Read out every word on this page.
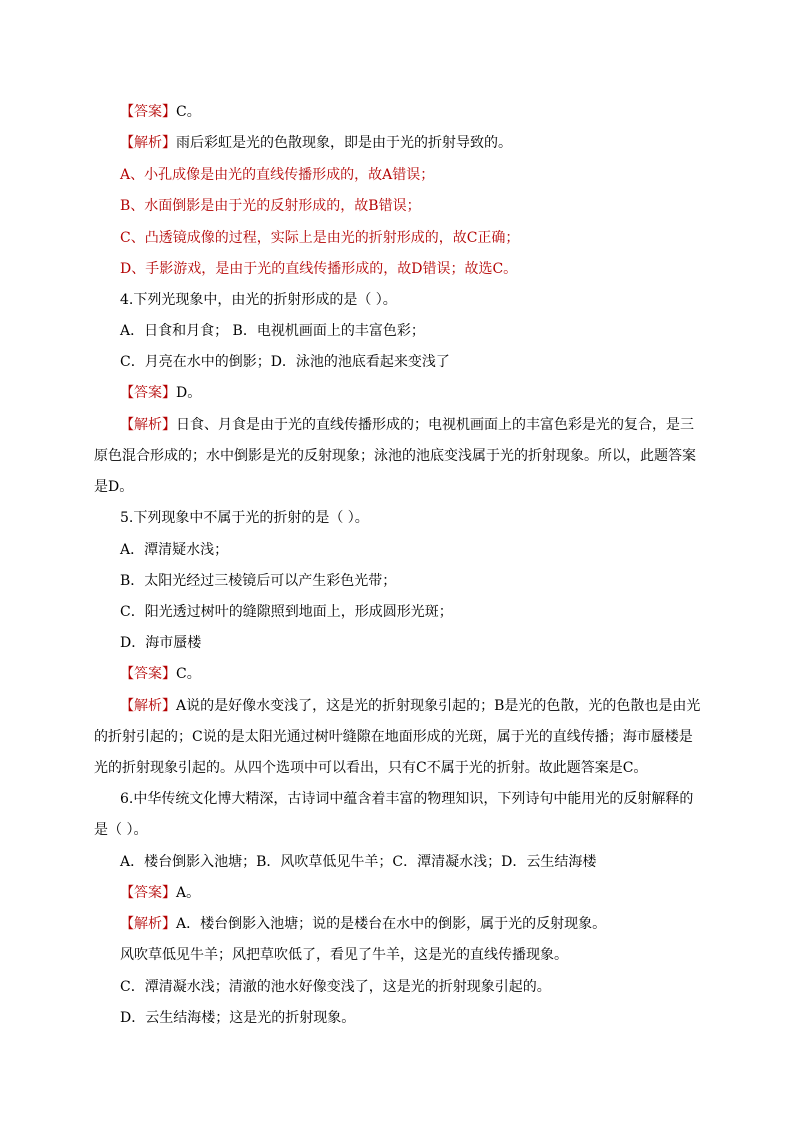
【答案】C。

【解析】雨后彩虹是光的色散现象，即是由于光的折射导致的。

A、小孔成像是由光的直线传播形成的，故A错误；

B、水面倒影是由于光的反射形成的，故B错误；

C、凸透镜成像的过程，实际上是由光的折射形成的，故C正确；

D、手影游戏，是由于光的直线传播形成的，故D错误；故选C。

4.下列光现象中，由光的折射形成的是（ ）。

A．日食和月食； B．电视机画面上的丰富色彩；

C．月亮在水中的倒影；D．泳池的池底看起来变浅了

【答案】D。

【解析】日食、月食是由于光的直线传播形成的；电视机画面上的丰富色彩是光的复合，是三

原色混合形成的；水中倒影是光的反射现象；泳池的池底变浅属于光的折射现象。所以，此题答案

是D。

5.下列现象中不属于光的折射的是（ ）。

A．潭清疑水浅；

B．太阳光经过三棱镜后可以产生彩色光带；

C．阳光透过树叶的缝隙照到地面上，形成圆形光斑；

D．海市蜃楼

【答案】C。

【解析】A说的是好像水变浅了，这是光的折射现象引起的；B是光的色散，光的色散也是由光

的折射引起的；C说的是太阳光通过树叶缝隙在地面形成的光斑，属于光的直线传播；海市蜃楼是

光的折射现象引起的。从四个选项中可以看出，只有C不属于光的折射。故此题答案是C。

6.中华传统文化博大精深，古诗词中蕴含着丰富的物理知识，下列诗句中能用光的反射解释的

是（ ）。

A．楼台倒影入池塘；B．风吹草低见牛羊；C．潭清凝水浅；D．云生结海楼

【答案】A。

【解析】A．楼台倒影入池塘；说的是楼台在水中的倒影，属于光的反射现象。

风吹草低见牛羊；风把草吹低了，看见了牛羊，这是光的直线传播现象。

C．潭清凝水浅；清澈的池水好像变浅了，这是光的折射现象引起的。

D．云生结海楼；这是光的折射现象。
